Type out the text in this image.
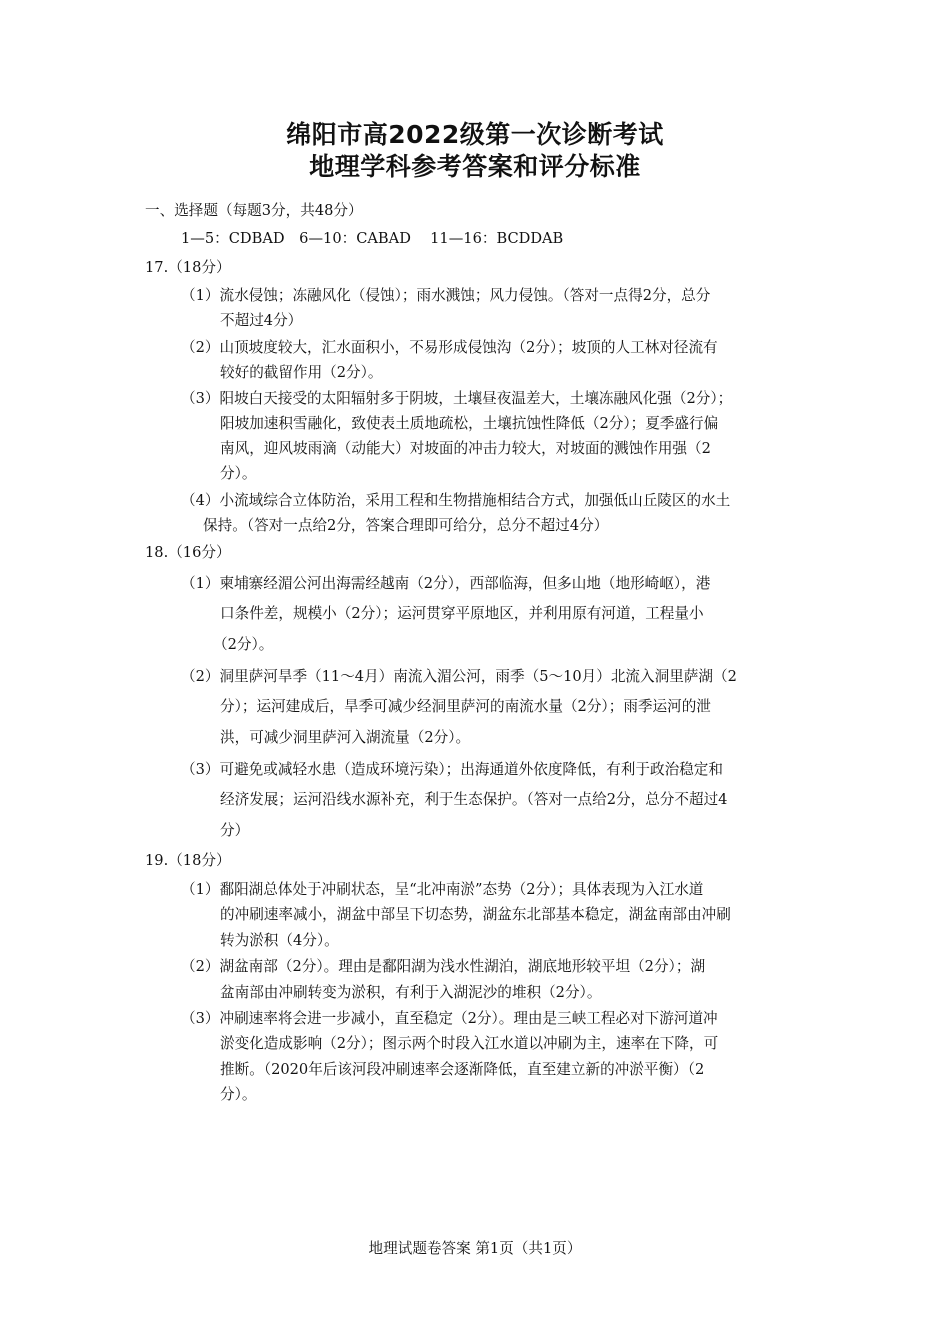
绵阳市高2022级第一次诊断考试
地理学科参考答案和评分标准
一、选择题（每题3分，共48分）
1—5：CDBAD　6—10：CABAD　 11—16：BCDDAB
17.（18分）
（1）流水侵蚀；冻融风化（侵蚀）；雨水溅蚀；风力侵蚀。（答对一点得2分，总分
不超过4分）
（2）山顶坡度较大，汇水面积小，不易形成侵蚀沟（2分）；坡顶的人工林对径流有
较好的截留作用（2分）。
（3）阳坡白天接受的太阳辐射多于阴坡，土壤昼夜温差大，土壤冻融风化强（2分）；
阳坡加速积雪融化，致使表土质地疏松，土壤抗蚀性降低（2分）；夏季盛行偏
南风，迎风坡雨滴（动能大）对坡面的冲击力较大，对坡面的溅蚀作用强（2
分）。
（4）小流域综合立体防治，采用工程和生物措施相结合方式，加强低山丘陵区的水土
保持。（答对一点给2分，答案合理即可给分，总分不超过4分）
18.（16分）
（1）柬埔寨经湄公河出海需经越南（2分），西部临海，但多山地（地形崎岖），港
口条件差，规模小（2分）；运河贯穿平原地区，并利用原有河道，工程量小
（2分）。
（2）洞里萨河旱季（11～4月）南流入湄公河，雨季（5～10月）北流入洞里萨湖（2
分）；运河建成后，旱季可减少经洞里萨河的南流水量（2分）；雨季运河的泄
洪，可减少洞里萨河入湖流量（2分）。
（3）可避免或减轻水患（造成环境污染）；出海通道外依度降低，有利于政治稳定和
经济发展；运河沿线水源补充，利于生态保护。（答对一点给2分，总分不超过4
分）
19.（18分）
（1）鄱阳湖总体处于冲刷状态，呈“北冲南淤”态势（2分）；具体表现为入江水道
的冲刷速率减小，湖盆中部呈下切态势，湖盆东北部基本稳定，湖盆南部由冲刷
转为淤积（4分）。
（2）湖盆南部（2分）。理由是鄱阳湖为浅水性湖泊，湖底地形较平坦（2分）；湖
盆南部由冲刷转变为淤积，有利于入湖泥沙的堆积（2分）。
（3）冲刷速率将会进一步减小，直至稳定（2分）。理由是三峡工程必对下游河道冲
淤变化造成影响（2分）；图示两个时段入江水道以冲刷为主，速率在下降，可
推断。（2020年后该河段冲刷速率会逐渐降低，直至建立新的冲淤平衡）（2
分）。
地理试题卷答案 第1页（共1页）
